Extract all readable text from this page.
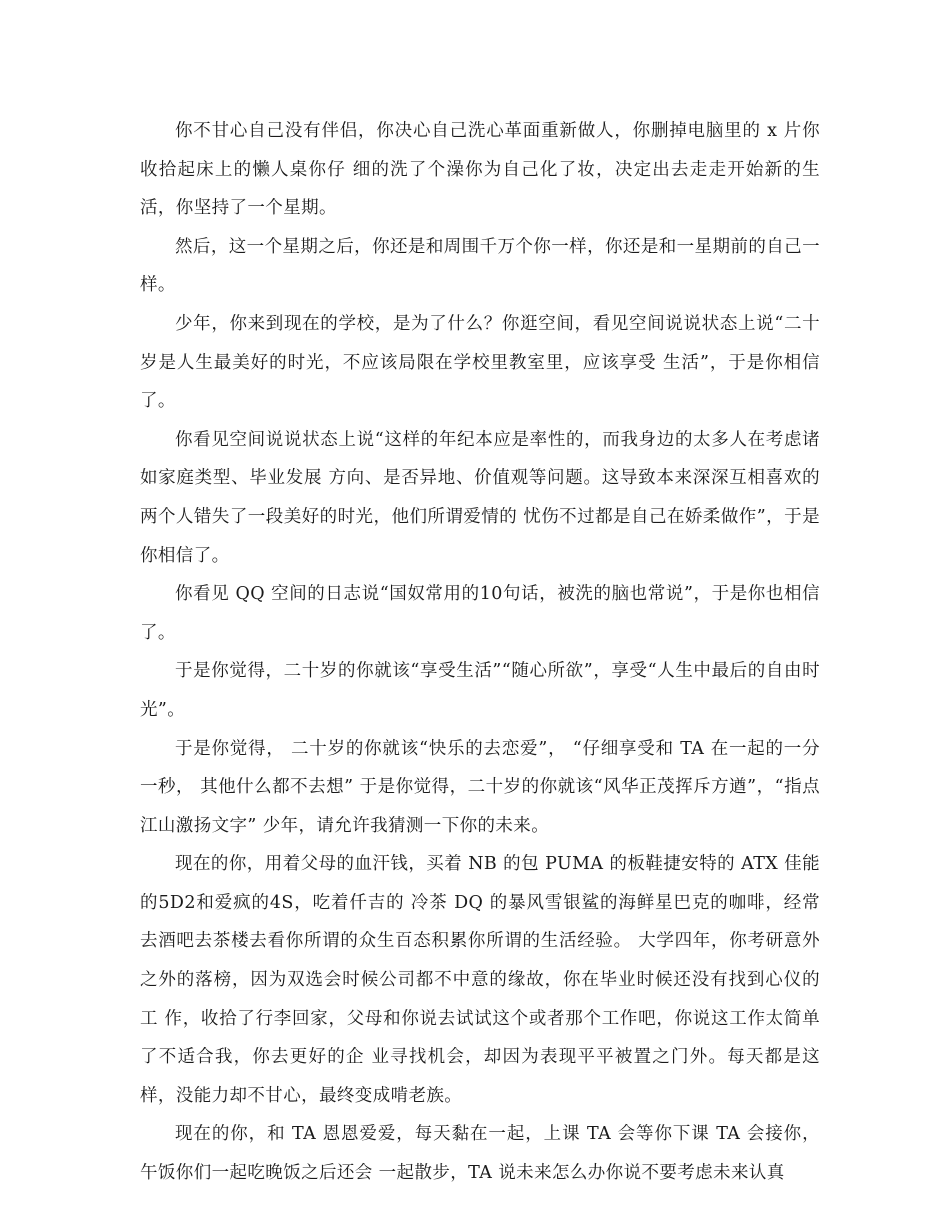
你不甘心自己没有伴侣，你决心自己洗心革面重新做人，你删掉电脑里的 x 片你收拾起床上的懒人桌你仔 细的洗了个澡你为自己化了妆，决定出去走走开始新的生活，你坚持了一个星期。

然后，这一个星期之后，你还是和周围千万个你一样，你还是和一星期前的自己一样。

少年，你来到现在的学校，是为了什么？你逛空间，看见空间说说状态上说“二十岁是人生最美好的时光，不应该局限在学校里教室里，应该享受 生活”，于是你相信了。

你看见空间说说状态上说“这样的年纪本应是率性的，而我身边的太多人在考虑诸如家庭类型、毕业发展 方向、是否异地、价值观等问题。这导致本来深深互相喜欢的两个人错失了一段美好的时光，他们所谓爱情的 忧伤不过都是自己在娇柔做作”，于是你相信了。

你看见 QQ 空间的日志说“国奴常用的10句话，被洗的脑也常说”，于是你也相信了。

于是你觉得，二十岁的你就该“享受生活”“随心所欲”，享受“人生中最后的自由时光”。

于是你觉得， 二十岁的你就该“快乐的去恋爱”， “仔细享受和 TA 在一起的一分一秒， 其他什么都不去想” 于是你觉得，二十岁的你就该“风华正茂挥斥方遒”，“指点江山激扬文字” 少年，请允许我猜测一下你的未来。

现在的你，用着父母的血汗钱，买着 NB 的包 PUMA 的板鞋捷安特的 ATX 佳能的5D2和爱疯的4S，吃着仟吉的 冷茶 DQ 的暴风雪银鲨的海鲜星巴克的咖啡，经常去酒吧去茶楼去看你所谓的众生百态积累你所谓的生活经验。 大学四年，你考研意外之外的落榜，因为双选会时候公司都不中意的缘故，你在毕业时候还没有找到心仪的工 作，收拾了行李回家，父母和你说去试试这个或者那个工作吧，你说这工作太简单了不适合我，你去更好的企 业寻找机会，却因为表现平平被置之门外。每天都是这样，没能力却不甘心，最终变成啃老族。

现在的你，和 TA 恩恩爱爱，每天黏在一起，上课 TA 会等你下课 TA 会接你，午饭你们一起吃晚饭之后还会 一起散步，TA 说未来怎么办你说不要考虑未来认真
